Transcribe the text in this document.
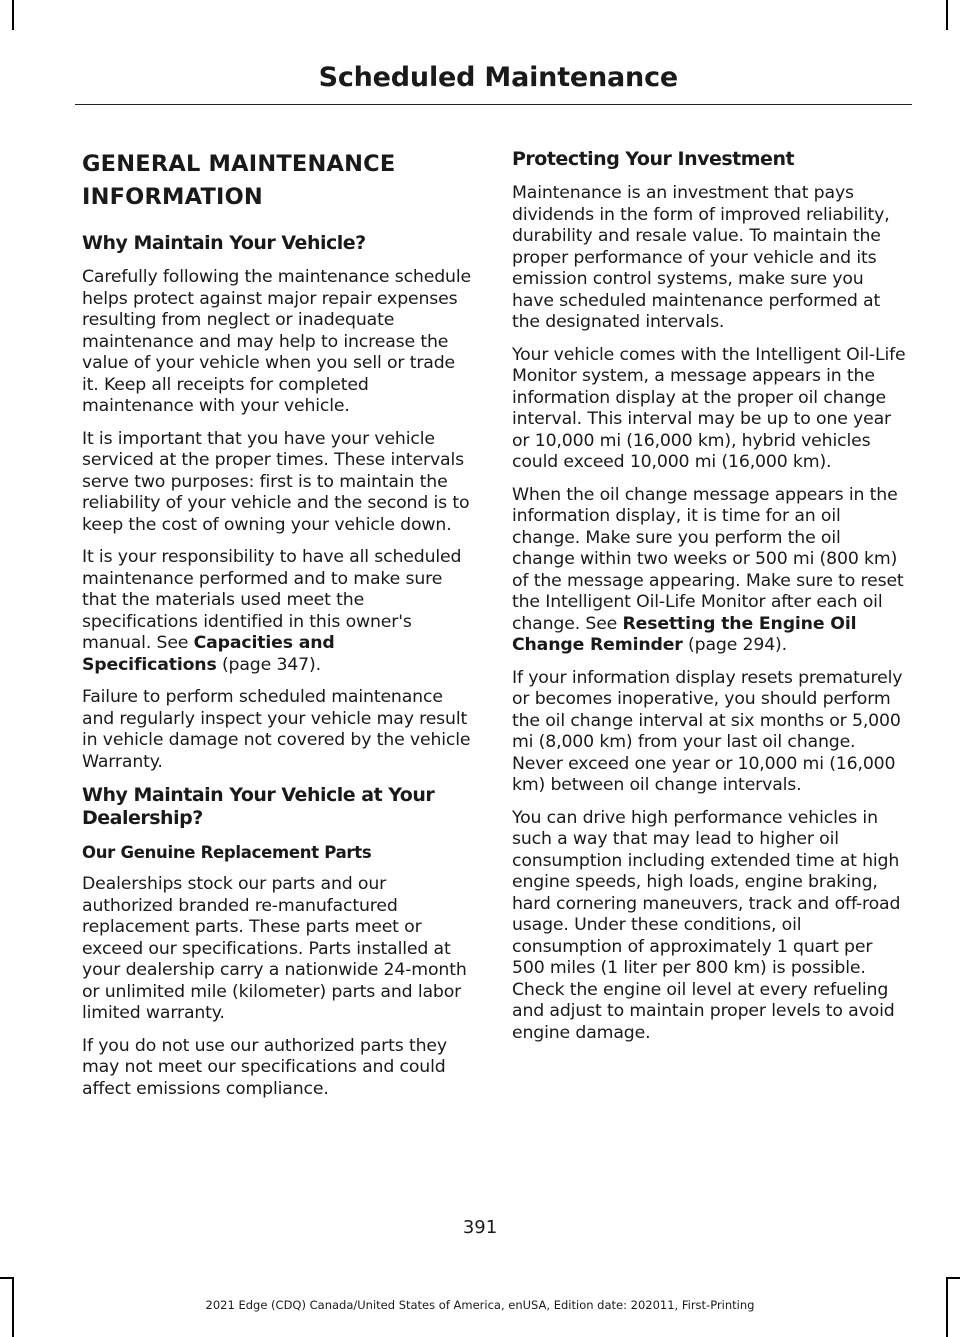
Scheduled Maintenance
GENERAL MAINTENANCE INFORMATION
Why Maintain Your Vehicle?

Carefully following the maintenance schedule helps protect against major repair expenses resulting from neglect or inadequate maintenance and may help to increase the value of your vehicle when you sell or trade it. Keep all receipts for completed maintenance with your vehicle.

It is important that you have your vehicle serviced at the proper times. These intervals serve two purposes: first is to maintain the reliability of your vehicle and the second is to keep the cost of owning your vehicle down.

It is your responsibility to have all scheduled maintenance performed and to make sure that the materials used meet the specifications identified in this owner's manual. See Capacities and Specifications (page 347).

Failure to perform scheduled maintenance and regularly inspect your vehicle may result in vehicle damage not covered by the vehicle Warranty.

Why Maintain Your Vehicle at Your Dealership?
Our Genuine Replacement Parts

Dealerships stock our parts and our authorized branded re-manufactured replacement parts. These parts meet or exceed our specifications. Parts installed at your dealership carry a nationwide 24-month or unlimited mile (kilometer) parts and labor limited warranty.

If you do not use our authorized parts they may not meet our specifications and could affect emissions compliance.

Protecting Your Investment

Maintenance is an investment that pays dividends in the form of improved reliability, durability and resale value. To maintain the proper performance of your vehicle and its emission control systems, make sure you have scheduled maintenance performed at the designated intervals.

Your vehicle comes with the Intelligent Oil-Life Monitor system, a message appears in the information display at the proper oil change interval. This interval may be up to one year or 10,000 mi (16,000 km), hybrid vehicles could exceed 10,000 mi (16,000 km).

When the oil change message appears in the information display, it is time for an oil change. Make sure you perform the oil change within two weeks or 500 mi (800 km) of the message appearing. Make sure to reset the Intelligent Oil-Life Monitor after each oil change. See Resetting the Engine Oil Change Reminder (page 294).

If your information display resets prematurely or becomes inoperative, you should perform the oil change interval at six months or 5,000 mi (8,000 km) from your last oil change. Never exceed one year or 10,000 mi (16,000 km) between oil change intervals.

You can drive high performance vehicles in such a way that may lead to higher oil consumption including extended time at high engine speeds, high loads, engine braking, hard cornering maneuvers, track and off-road usage. Under these conditions, oil consumption of approximately 1 quart per 500 miles (1 liter per 800 km) is possible. Check the engine oil level at every refueling and adjust to maintain proper levels to avoid engine damage.

391
2021 Edge (CDQ) Canada/United States of America, enUSA, Edition date: 202011, First-Printing
